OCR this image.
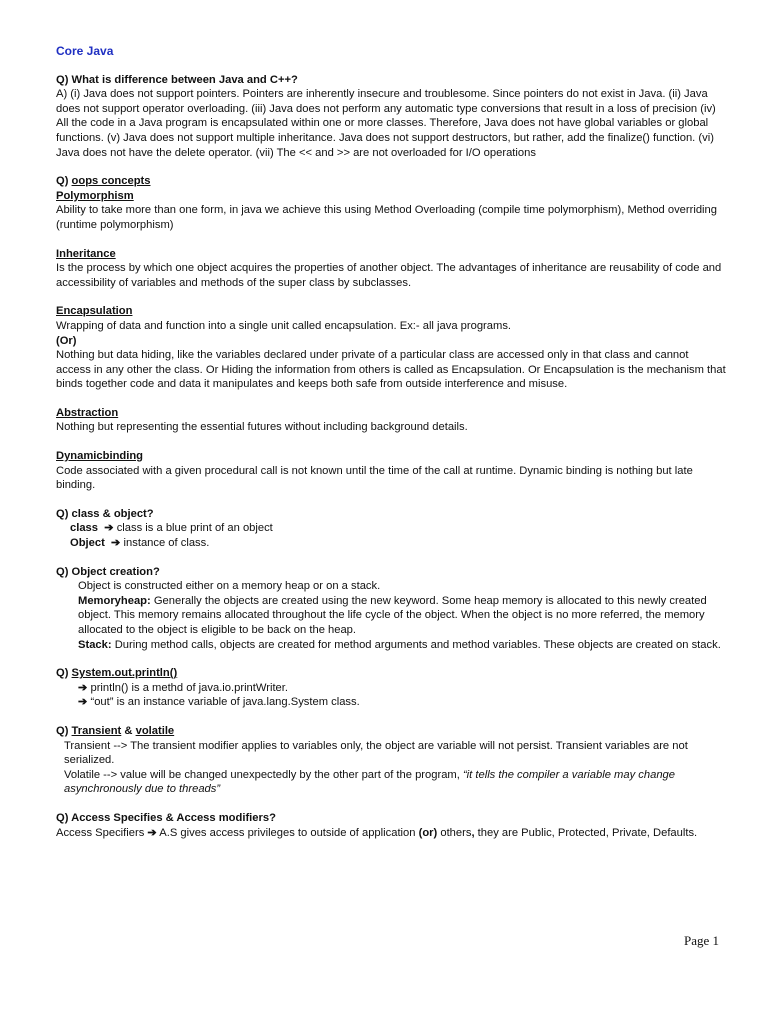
Core Java

Q) What is difference between Java and C++?

A) (i) Java does not support pointers. Pointers are inherently insecure and troublesome. Since pointers do not exist in Java. (ii) Java does not support operator overloading. (iii) Java does not perform any automatic type conversions that result in a loss of precision (iv) All the code in a Java program is encapsulated within one or more classes. Therefore, Java does not have global variables or global functions. (v) Java does not support multiple inheritance. Java does not support destructors, but rather, add the finalize() function. (vi) Java does not have the delete operator. (vii) The << and >> are not overloaded for I/O operations

Q) oops concepts

Polymorphism

Ability to take more than one form, in java we achieve this using Method Overloading (compile time polymorphism), Method overriding (runtime polymorphism)

Inheritance

Is the process by which one object acquires the properties of another object. The advantages of inheritance are reusability of code and accessibility of variables and methods of the super class by subclasses.

Encapsulation

Wrapping of data and function into a single unit called encapsulation. Ex:- all java programs.

(Or)

Nothing but data hiding, like the variables declared under private of a particular class are accessed only in that class and cannot access in any other the class. Or Hiding the information from others is called as Encapsulation. Or Encapsulation is the mechanism that binds together code and data it manipulates and keeps both safe from outside interference and misuse.

Abstraction

Nothing but representing the essential futures without including background details.

Dynamicbinding

Code associated with a given procedural call is not known until the time of the call at runtime. Dynamic binding is nothing but late binding.

Q) class & object?

class ➔ class is a blue print of an object

Object ➔ instance of class.

Q) Object creation?

Object is constructed either on a memory heap or on a stack.

Memoryheap: Generally the objects are created using the new keyword. Some heap memory is allocated to this newly created object. This memory remains allocated throughout the life cycle of the object. When the object is no more referred, the memory allocated to the object is eligible to be back on the heap.

Stack: During method calls, objects are created for method arguments and method variables. These objects are created on stack.

Q) System.out.println()

➔ println() is a methd of java.io.printWriter.

➔ “out” is an instance variable of java.lang.System class.

Q) Transient & volatile

Transient --> The transient modifier applies to variables only, the object are variable will not persist. Transient variables are not serialized.

Volatile --> value will be changed unexpectedly by the other part of the program, “it tells the compiler a variable may change asynchronously due to threads”

Q) Access Specifies & Access modifiers?

Access Specifiers ➔ A.S gives access privileges to outside of application (or) others, they are Public, Protected, Private, Defaults.

Page 1
